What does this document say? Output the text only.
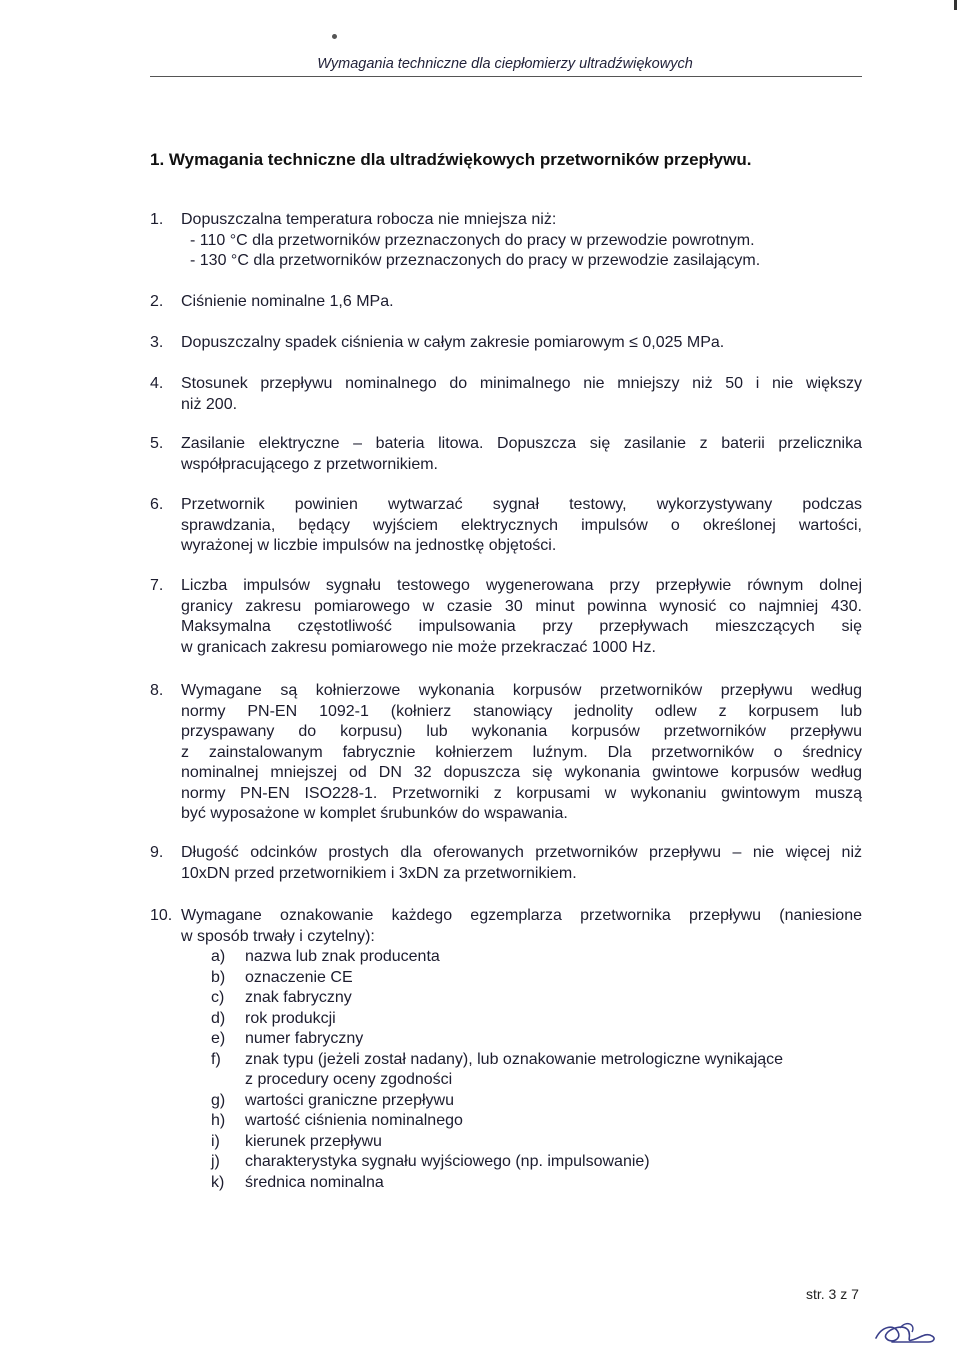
Wymagania techniczne dla ciepłomierzy ultradźwiękowych
1. Wymagania techniczne dla ultradźwiękowych przetworników przepływu.
1.	Dopuszczalna temperatura robocza nie mniejsza niż:
- 110 °C dla przetworników przeznaczonych do pracy w przewodzie powrotnym.
- 130 °C dla przetworników przeznaczonych do pracy w przewodzie zasilającym.
2.	Ciśnienie nominalne 1,6 MPa.
3.	Dopuszczalny spadek ciśnienia w całym zakresie pomiarowym ≤ 0,025 MPa.
4.	Stosunek przepływu nominalnego do minimalnego nie mniejszy niż 50 i nie większy
niż 200.
5.	Zasilanie elektryczne – bateria litowa. Dopuszcza się zasilanie z baterii przelicznika
współpracującego z przetwornikiem.
6.	Przetwornik powinien wytwarzać sygnał testowy, wykorzystywany podczas
sprawdzania, będący wyjściem elektrycznych impulsów o określonej wartości,
wyrażonej w liczbie impulsów na jednostkę objętości.
7.	Liczba impulsów sygnału testowego wygenerowana przy przepływie równym dolnej
granicy zakresu pomiarowego w czasie 30 minut powinna wynosić co najmniej 430.
Maksymalna częstotliwość impulsowania przy przepływach mieszczących się
w granicach zakresu pomiarowego nie może przekraczać 1000 Hz.
8.	Wymagane są kołnierzowe wykonania korpusów przetworników przepływu według
normy PN-EN 1092-1 (kołnierz stanowiący jednolity odlew z korpusem lub
przyspawany do korpusu) lub wykonania korpusów przetworników przepływu
z zainstalowanym fabrycznie kołnierzem luźnym. Dla przetworników o średnicy
nominalnej mniejszej od DN 32 dopuszcza się wykonania gwintowe korpusów według
normy PN-EN ISO228-1. Przetworniki z korpusami w wykonaniu gwintowym muszą
być wyposażone w komplet śrubunków do wspawania.
9.	Długość odcinków prostych dla oferowanych przetworników przepływu – nie więcej niż
10xDN przed przetwornikiem i 3xDN za przetwornikiem.
10. Wymagane oznakowanie każdego egzemplarza przetwornika przepływu (naniesione
w sposób trwały i czytelny):
a) nazwa lub znak producenta
b) oznaczenie CE
c) znak fabryczny
d) rok produkcji
e) numer fabryczny
f) znak typu (jeżeli został nadany), lub oznakowanie metrologiczne wynikające
z procedury oceny zgodności
g) wartości graniczne przepływu
h) wartość ciśnienia nominalnego
i) kierunek przepływu
j) charakterystyka sygnału wyjściowego (np. impulsowanie)
k) średnica nominalna
str. 3 z 7
